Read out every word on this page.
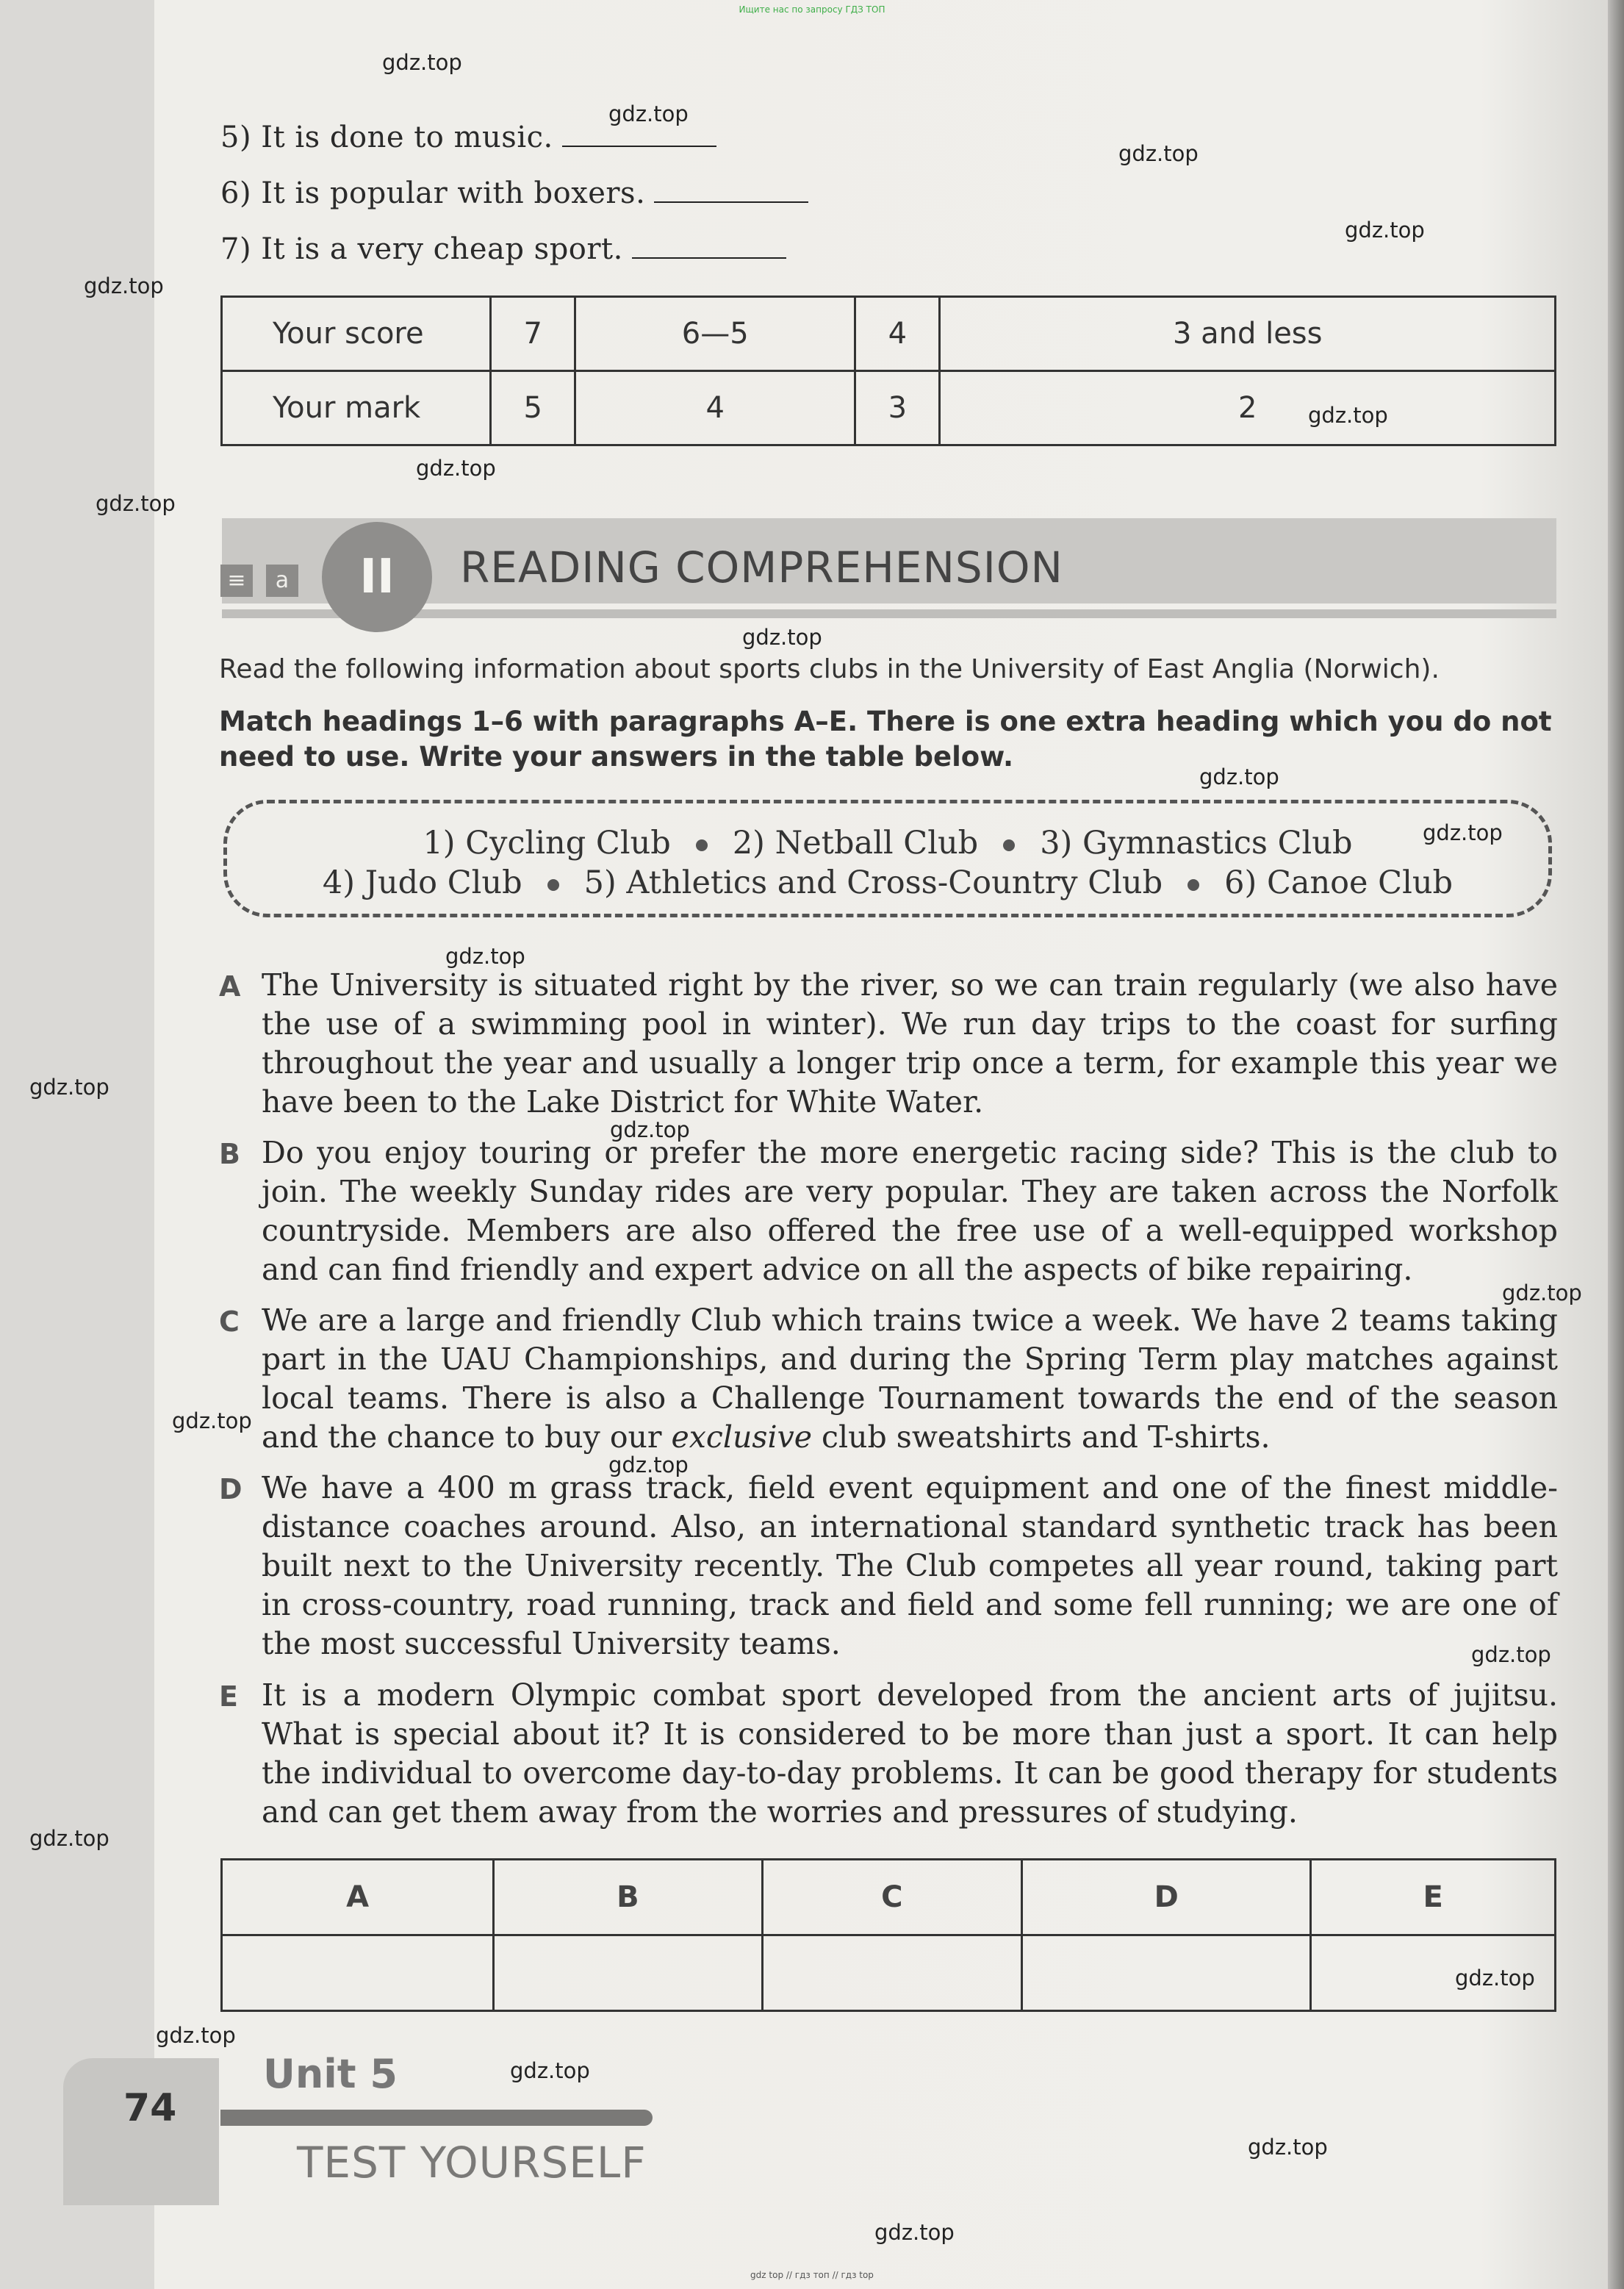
Ищите нас по запросу ГДЗ ТОП
gdz.top
gdz.top
gdz.top
gdz.top
gdz.top
gdz.top
gdz.top
gdz.top
gdz.top
gdz.top
gdz.top
gdz.top
gdz.top
gdz.top
gdz.top
gdz.top
gdz.top
gdz.top
gdz.top
gdz.top
gdz.top
gdz.top
gdz.top
gdz.top
5) It is done to music.
6) It is popular with boxers.
7) It is a very cheap sport.
Your score	7	6—5	4	3 and less
Your mark	5	4	3	2
≡	a	II	READING COMPREHENSION
Read the following information about sports clubs in the University of East Anglia (Norwich).
Match headings 1–6 with paragraphs A–E. There is one extra heading which you do not need to use. Write your answers in the table below.
1) Cycling Club 2) Netball Club 3) Gymnastics Club
4) Judo Club 5) Athletics and Cross-Country Club 6) Canoe Club
A The University is situated right by the river, so we can train regularly (we also have the use of a swimming pool in winter). We run day trips to the coast for surfing throughout the year and usually a longer trip once a term, for example this year we have been to the Lake District for White Water.
B Do you enjoy touring or prefer the more energetic racing side? This is the club to join. The weekly Sunday rides are very popular. They are taken across the Norfolk countryside. Members are also offered the free use of a well-equipped workshop and can find friendly and expert advice on all the aspects of bike repairing.
C We are a large and friendly Club which trains twice a week. We have 2 teams taking part in the UAU Championships, and during the Spring Term play matches against local teams. There is also a Challenge Tournament towards the end of the season and the chance to buy our exclusive club sweatshirts and T-shirts.
D We have a 400 m grass track, field event equipment and one of the finest middle-distance coaches around. Also, an international standard synthetic track has been built next to the University recently. The Club competes all year round, taking part in cross-country, road running, track and field and some fell running; we are one of the most successful University teams.
E It is a modern Olympic combat sport developed from the ancient arts of jujitsu. What is special about it? It is considered to be more than just a sport. It can help the individual to overcome day-to-day problems. It can be good therapy for students and can get them away from the worries and pressures of studying.
A	B	C	D	E

74
Unit 5
TEST YOURSELF
gdz top // гдз топ // гдз top
